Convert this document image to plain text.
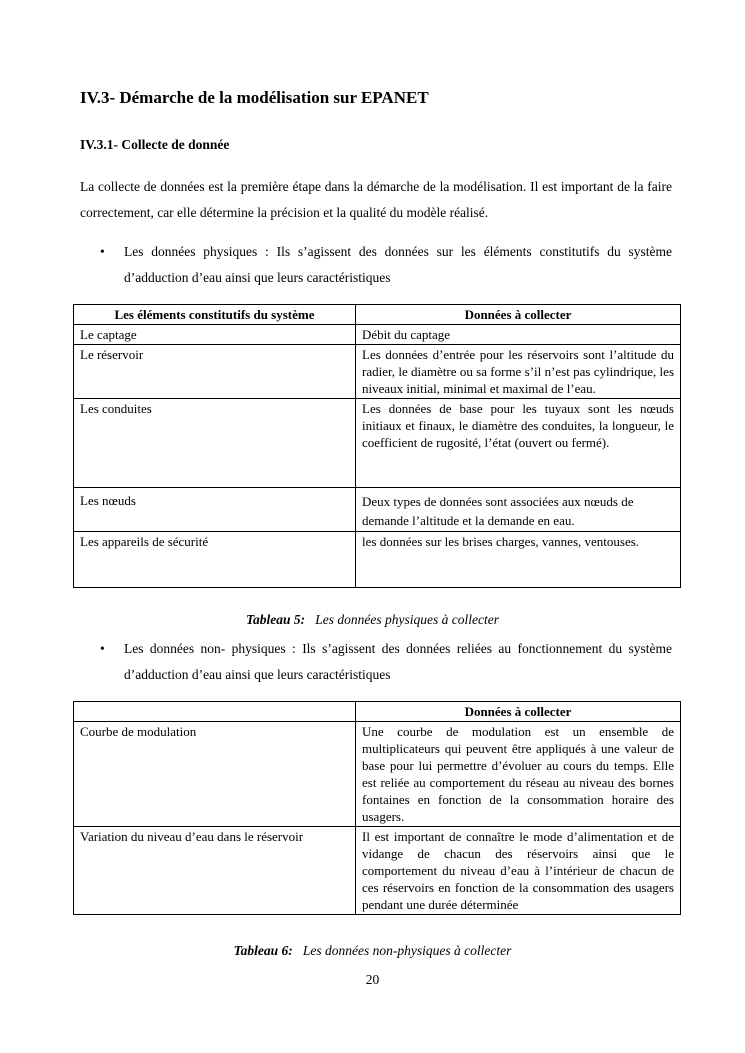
IV.3- Démarche de la modélisation sur EPANET
IV.3.1- Collecte de donnée
La collecte de données est la première étape dans la démarche de la modélisation. Il est important de la faire correctement, car elle détermine la précision et la qualité du modèle réalisé.
• Les données physiques : Ils s’agissent des données sur les éléments constitutifs du système d’adduction d’eau ainsi que leurs caractéristiques
Les éléments constitutifs du système	Données à collecter
Le captage	Débit du captage
Le réservoir	Les données d’entrée pour les réservoirs sont l’altitude du radier, le diamètre ou sa forme s’il n’est pas cylindrique, les niveaux initial, minimal et maximal de l’eau.
Les conduites	Les données de base pour les tuyaux sont les nœuds initiaux et finaux, le diamètre des conduites, la longueur, le coefficient de rugosité, l’état (ouvert ou fermé).
Les nœuds	Deux types de données sont associées aux nœuds de demande l’altitude et la demande en eau.
Les appareils de sécurité	les données sur les brises charges, vannes, ventouses.
Tableau 5: Les données physiques à collecter
• Les données non- physiques : Ils s’agissent des données reliées au fonctionnement du système d’adduction d’eau ainsi que leurs caractéristiques
	Données à collecter
Courbe de modulation	Une courbe de modulation est un ensemble de multiplicateurs qui peuvent être appliqués à une valeur de base pour lui permettre d’évoluer au cours du temps. Elle est reliée au comportement du réseau au niveau des bornes fontaines en fonction de la consommation horaire des usagers.
Variation du niveau d’eau dans le réservoir	Il est important de connaître le mode d’alimentation et de vidange de chacun des réservoirs ainsi que le comportement du niveau d’eau à l’intérieur de chacun de ces réservoirs en fonction de la consommation des usagers pendant une durée déterminée
Tableau 6: Les données non-physiques à collecter
20
